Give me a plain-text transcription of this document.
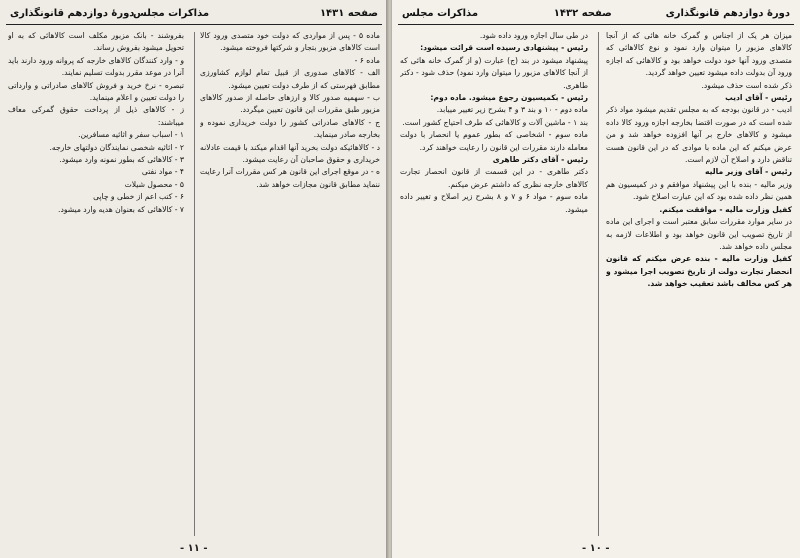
صفحه ۱۴۳۱
مذاکرات مجلس
دورهٔ دوازدهم قانونگذاری

ماده ۵ - پس از مواردی که دولت خود متصدی ورود کالا است کالاهای مزبور بتجار و شرکتها فروخته میشود.

ماده ۶ -

الف - کالاهای صدوری از قبیل تمام لوازم کشاورزی مطابق فهرستی که از طرف دولت تعیین میشود.

ب - سهمیه صدور کالا و ارزهای حاصله از صدور کالاهای مزبور طبق مقررات این قانون تعیین میگردد.

ج - کالاهای صادراتی کشور را دولت خریداری نموده و بخارجه صادر مینماید.

د - کالاهائیکه دولت بخرید آنها اقدام میکند با قیمت عادلانه خریداری و حقوق صاحبان آن رعایت میشود.

ه - در موقع اجرای این قانون هر کس مقررات آنرا رعایت ننماید مطابق قانون مجازات خواهد شد.

بفروشند - بانک مزبور مکلف است کالاهائی که به او تحویل میشود بفروش رساند.

و - وارد کنندگان کالاهای خارجه که پروانه ورود دارند باید آنرا در موعد مقرر بدولت تسلیم نمایند.

تبصره - نرخ خرید و فروش کالاهای صادراتی و وارداتی را دولت تعیین و اعلام مینماید.

ز - کالاهای ذیل از پرداخت حقوق گمرکی معاف میباشند:

۱ - اسباب سفر و اثاثیه مسافرین.

۲ - اثاثیه شخصی نمایندگان دولتهای خارجه.

۳ - کالاهائی که بطور نمونه وارد میشود.

۴ - مواد نفتی

۵ - محصول شیلات

۶ - کتب اعم از خطی و چاپی

۷ - کالاهائی که بعنوان هدیه وارد میشود.

- ۱۱ -
دورهٔ دوازدهم قانونگذاری
صفحه ۱۴۳۲
مذاکرات مجلس

میزان هر یک از اجناس و گمرک خانه هائی که از آنجا کالاهای مزبور را میتوان وارد نمود و نوع کالاهائی که متصدی ورود آنها خود دولت خواهد بود و کالاهائی که اجازه ورود آن بدولت داده میشود تعیین خواهد گردید.

ذکر شده است حذف میشود.

رئیس - آقای ادیب

ادیب - در قانون بودجه که به مجلس تقدیم میشود مواد ذکر شده است که در صورت اقتضا بخارجه اجازه ورود کالا داده میشود و کالاهای خارج بر آنها افزوده خواهد شد و من عرض میکنم که این ماده با موادی که در این قانون هست تناقض دارد و اصلاح آن لازم است.

رئیس - آقای وزیر مالیه

وزیر مالیه - بنده با این پیشنهاد موافقم و در کمیسیون هم همین نظر داده شده بود که این عبارت اصلاح شود.

کفیل وزارت مالیه - موافقت میکنم.

در سایر موارد مقررات سابق معتبر است و اجرای این ماده از تاریخ تصویب این قانون خواهد بود و اطلاعات لازمه به مجلس داده خواهد شد.

کفیل وزارت مالیه - بنده عرض میکنم که قانون انحصار تجارت دولت از تاریخ تصویب اجرا میشود و هر کس مخالف باشد تعقیب خواهد شد.

در طی سال اجازه ورود داده شود.

رئیس - پیشنهادی رسیده است قرائت میشود:

پیشنهاد میشود در بند (ج) عبارت (و از گمرک خانه هائی که از آنجا کالاهای مزبور را میتوان وارد نمود) حذف شود - دکتر طاهری.

رئیس - بکمیسیون رجوع میشود. ماده دوم:

ماده دوم - ۱۰ و بند ۳ و ۴ بشرح زیر تغییر مییابد.

بند ۱ - ماشین آلات و کالاهائی که طرف احتیاج کشور است.

ماده سوم - اشخاصی که بطور عموم یا انحصار با دولت معامله دارند مقررات این قانون را رعایت خواهند کرد.

رئیس - آقای دکتر طاهری

دکتر طاهری - در این قسمت از قانون انحصار تجارت کالاهای خارجه نظری که داشتم عرض میکنم.

ماده سوم - مواد ۶ و ۷ و ۸ بشرح زیر اصلاح و تغییر داده میشود.

- ۱۰ -
